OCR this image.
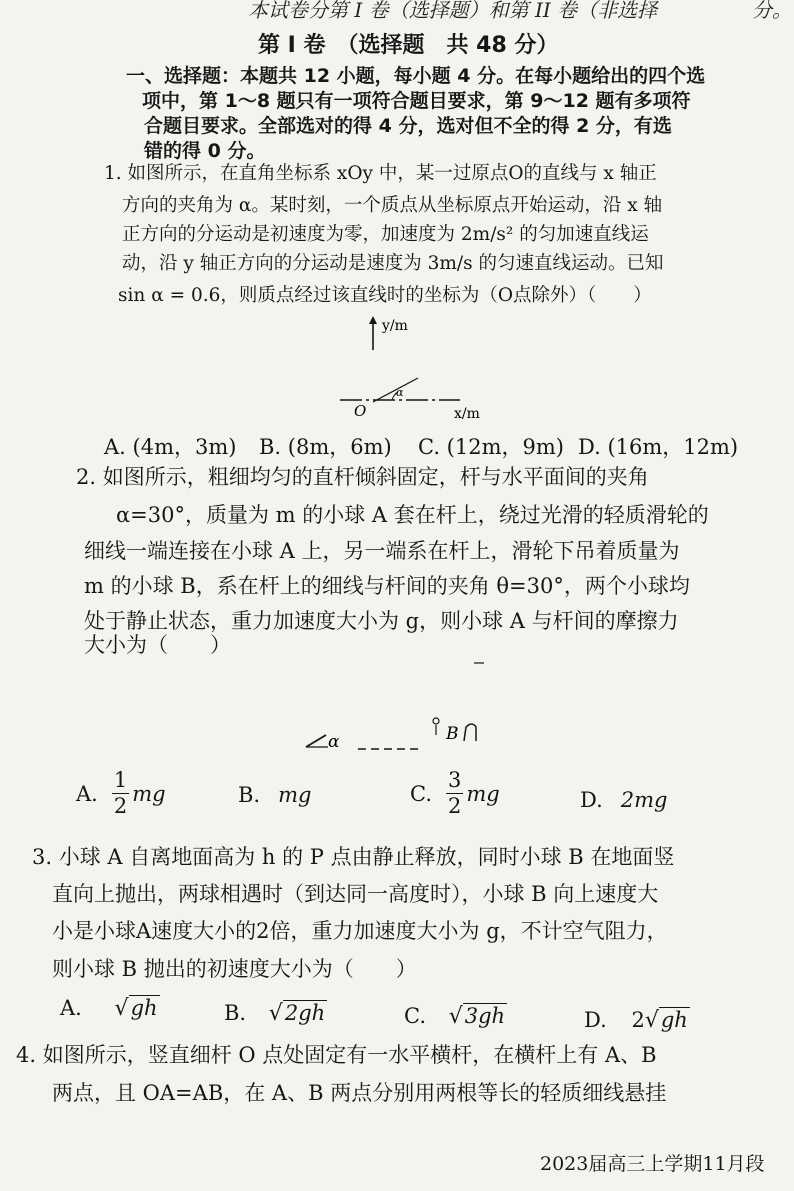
本试卷分第 I 卷（选择题）和第 II 卷（非选择	分。
第 I 卷　（选择题　共 48 分）
一、选择题：本题共 12 小题，每小题 4 分。在每小题给出的四个选
项中，第 1～8 题只有一项符合题目要求，第 9～12 题有多项符
合题目要求。全部选对的得 4 分，选对但不全的得 2 分，有选
错的得 0 分。
1. 如图所示，在直角坐标系 xOy 中，某一过原点O的直线与 x 轴正
方向的夹角为 α。某时刻，一个质点从坐标原点开始运动，沿 x 轴
正方向的分运动是初速度为零，加速度为 2m/s² 的匀加速直线运
动，沿 y 轴正方向的分运动是速度为 3m/s 的匀速直线运动。已知
sin α = 0.6，则质点经过该直线时的坐标为（O点除外）（　　）
y/m
α
O	x/m
A. (4m，3m) B. (8m，6m) C. (12m，9m) D. (16m，12m)
2. 如图所示，粗细均匀的直杆倾斜固定，杆与水平面间的夹角
α=30°，质量为 m 的小球 A 套在杆上，绕过光滑的轻质滑轮的
细线一端连接在小球 A 上，另一端系在杆上，滑轮下吊着质量为
m 的小球 B，系在杆上的细线与杆间的夹角 θ=30°，两个小球均
处于静止状态，重力加速度大小为 g，则小球 A 与杆间的摩擦力
大小为（　　）
α	B
A. $\frac{1}{2}$ mg	B. mg	C. $\frac{3}{2}$ mg	D. 2mg
3. 小球 A 自离地面高为 h 的 P 点由静止释放，同时小球 B 在地面竖
直向上抛出，两球相遇时（到达同一高度时），小球 B 向上速度大
小是小球A速度大小的2倍，重力加速度大小为 g，不计空气阻力，
则小球 B 抛出的初速度大小为（　　）
A. √gh	B. √2gh	C. √3gh	D. 2√gh
4. 如图所示，竖直细杆 O 点处固定有一水平横杆，在横杆上有 A、B
两点，且 OA=AB，在 A、B 两点分别用两根等长的轻质细线悬挂
2023届高三上学期11月段
